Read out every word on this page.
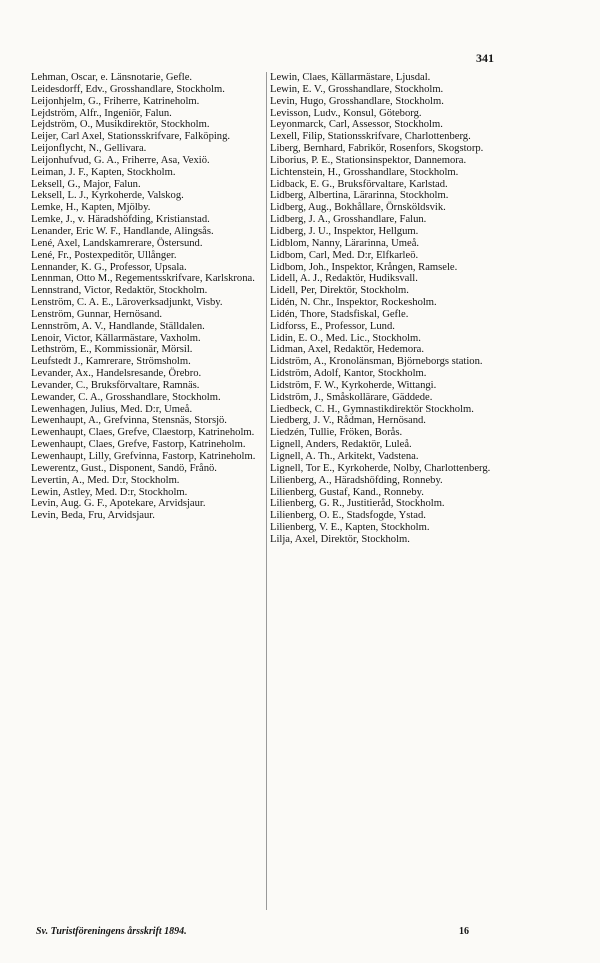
341

Lehman, Oscar, e. Länsnotarie, Gefle.

Leidesdorff, Edv., Grosshandlare, Stockholm.

Leijonhjelm, G., Friherre, Katrineholm.

Lejdström, Alfr., Ingeniör, Falun.

Lejdström, O., Musikdirektör, Stockholm.

Leijer, Carl Axel, Stationsskrifvare, Falköping.

Leijonflycht, N., Gellivara.

Leijonhufvud, G. A., Friherre, Asa, Vexiö.

Leiman, J. F., Kapten, Stockholm.

Leksell, G., Major, Falun.

Leksell, L. J., Kyrkoherde, Valskog.

Lemke, H., Kapten, Mjölby.

Lemke, J., v. Häradshöfding, Kristianstad.

Lenander, Eric W. F., Handlande, Alingsås.

Lené, Axel, Landskamrerare, Östersund.

Lené, Fr., Postexpeditör, Ullånger.

Lennander, K. G., Professor, Upsala.

Lennman, Otto M., Regementsskrifvare, Karlskrona.

Lennstrand, Victor, Redaktör, Stockholm.

Lenström, C. A. E., Läroverksadjunkt, Visby.

Lenström, Gunnar, Hernösand.

Lennström, A. V., Handlande, Ställdalen.

Lenoir, Victor, Källarmästare, Vaxholm.

Lethström, E., Kommissionär, Mörsil.

Leufstedt J., Kamrerare, Strömsholm.

Levander, Ax., Handelsresande, Örebro.

Levander, C., Bruksförvaltare, Ramnäs.

Lewander, C. A., Grosshandlare, Stockholm.

Lewenhagen, Julius, Med. D:r, Umeå.

Lewenhaupt, A., Grefvinna, Stensnäs, Storsjö.

Lewenhaupt, Claes, Grefve, Claestorp, Katrineholm.

Lewenhaupt, Claes, Grefve, Fastorp, Katrineholm.

Lewenhaupt, Lilly, Grefvinna, Fastorp, Katrineholm.

Lewerentz, Gust., Disponent, Sandö, Frånö.

Levertin, A., Med. D:r, Stockholm.

Lewin, Astley, Med. D:r, Stockholm.

Levin, Aug. G. F., Apotekare, Arvidsjaur.

Levin, Beda, Fru, Arvidsjaur.

Lewin, Claes, Källarmästare, Ljusdal.

Lewin, E. V., Grosshandlare, Stockholm.

Levin, Hugo, Grosshandlare, Stockholm.

Levisson, Ludv., Konsul, Göteborg.

Leyonmarck, Carl, Assessor, Stockholm.

Lexell, Filip, Stationsskrifvare, Charlottenberg.

Liberg, Bernhard, Fabrikör, Rosenfors, Skogstorp.

Liborius, P. E., Stationsinspektor, Dannemora.

Lichtenstein, H., Grosshandlare, Stockholm.

Lidback, E. G., Bruksförvaltare, Karlstad.

Lidberg, Albertina, Lärarinna, Stockholm.

Lidberg, Aug., Bokhållare, Örnsköldsvik.

Lidberg, J. A., Grosshandlare, Falun.

Lidberg, J. U., Inspektor, Hellgum.

Lidblom, Nanny, Lärarinna, Umeå.

Lidbom, Carl, Med. D:r, Elfkarleö.

Lidbom, Joh., Inspektor, Krången, Ramsele.

Lidell, A. J., Redaktör, Hudiksvall.

Lidell, Per, Direktör, Stockholm.

Lidén, N. Chr., Inspektor, Rockesholm.

Lidén, Thore, Stadsfiskal, Gefle.

Lidforss, E., Professor, Lund.

Lidin, E. O., Med. Lic., Stockholm.

Lidman, Axel, Redaktör, Hedemora.

Lidström, A., Kronolänsman, Björneborgs station.

Lidström, Adolf, Kantor, Stockholm.

Lidström, F. W., Kyrkoherde, Wittangi.

Lidström, J., Småskollärare, Gäddede.

Liedbeck, C. H., Gymnastikdirektör Stockholm.

Liedberg, J. V., Rådman, Hernösand.

Liedzén, Tullie, Fröken, Borås.

Lignell, Anders, Redaktör, Luleå.

Lignell, A. Th., Arkitekt, Vadstena.

Lignell, Tor E., Kyrkoherde, Nolby, Charlottenberg.

Lilienberg, A., Häradshöfding, Ronneby.

Lilienberg, Gustaf, Kand., Ronneby.

Lilienberg, G. R., Justitieråd, Stockholm.

Lilienberg, O. E., Stadsfogde, Ystad.

Lilienberg, V. E., Kapten, Stockholm.

Lilja, Axel, Direktör, Stockholm.

Sv. Turistföreningens årsskrift 1894.	16
